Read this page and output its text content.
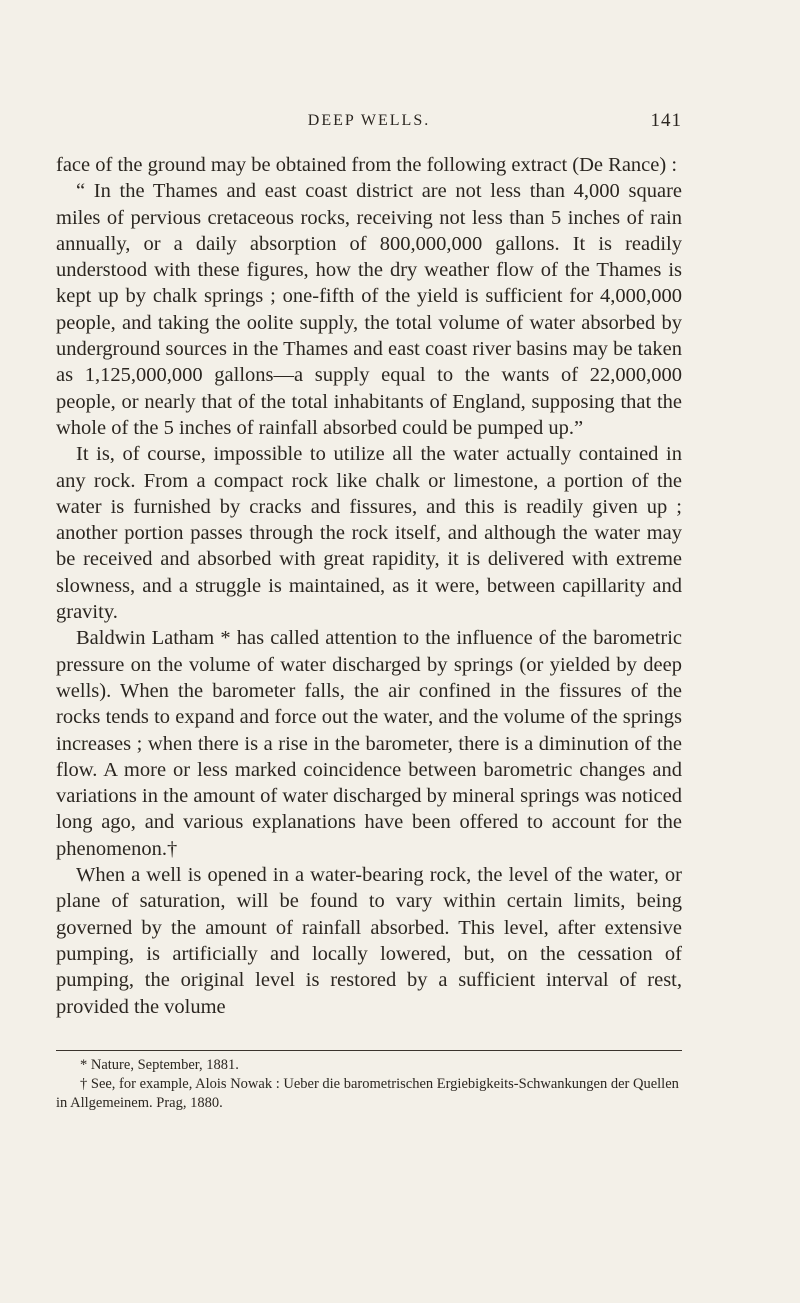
DEEP WELLS.	141

face of the ground may be obtained from the following extract (De Rance) :

“ In the Thames and east coast district are not less than 4,000 square miles of pervious cretaceous rocks, receiving not less than 5 inches of rain annually, or a daily absorption of 800,000,000 gallons. It is readily understood with these figures, how the dry weather flow of the Thames is kept up by chalk springs ; one-fifth of the yield is sufficient for 4,000,000 people, and taking the oolite supply, the total volume of water absorbed by underground sources in the Thames and east coast river basins may be taken as 1,125,000,000 gallons—a supply equal to the wants of 22,000,000 people, or nearly that of the total inhabitants of England, supposing that the whole of the 5 inches of rainfall absorbed could be pumped up.”

It is, of course, impossible to utilize all the water actually contained in any rock. From a compact rock like chalk or limestone, a portion of the water is furnished by cracks and fissures, and this is readily given up ; another portion passes through the rock itself, and although the water may be received and absorbed with great rapidity, it is delivered with extreme slowness, and a struggle is maintained, as it were, between capillarity and gravity.

Baldwin Latham * has called attention to the influence of the barometric pressure on the volume of water discharged by springs (or yielded by deep wells). When the barometer falls, the air confined in the fissures of the rocks tends to expand and force out the water, and the volume of the springs increases ; when there is a rise in the barometer, there is a diminution of the flow. A more or less marked coincidence between barometric changes and variations in the amount of water discharged by mineral springs was noticed long ago, and various explanations have been offered to account for the phenomenon.†

When a well is opened in a water-bearing rock, the level of the water, or plane of saturation, will be found to vary within certain limits, being governed by the amount of rainfall absorbed. This level, after extensive pumping, is artificially and locally lowered, but, on the cessation of pumping, the original level is restored by a sufficient interval of rest, provided the volume

* Nature, September, 1881.

† See, for example, Alois Nowak : Ueber die barometrischen Ergiebigkeits-Schwankungen der Quellen in Allgemeinem. Prag, 1880.
